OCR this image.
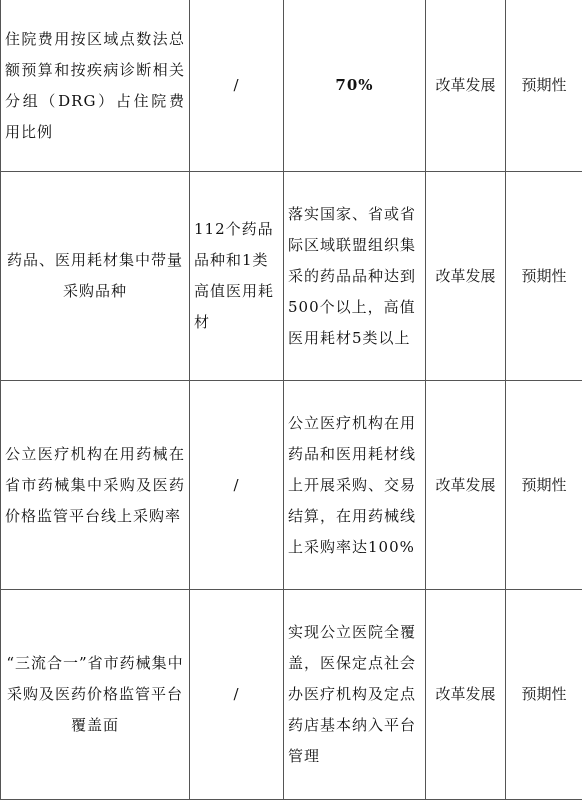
住院费用按区域点数法总额预算和按疾病诊断相关分组（DRG）占住院费用比例	/	70%	改革发展	预期性
药品、医用耗材集中带量采购品种	112个药品品种和1类高值医用耗材	落实国家、省或省际区域联盟组织集采的药品品种达到500个以上，高值医用耗材5类以上	改革发展	预期性
公立医疗机构在用药械在省市药械集中采购及医药价格监管平台线上采购率	/	公立医疗机构在用药品和医用耗材线上开展采购、交易结算，在用药械线上采购率达100%	改革发展	预期性
“三流合一”省市药械集中采购及医药价格监管平台覆盖面	/	实现公立医院全覆盖，医保定点社会办医疗机构及定点药店基本纳入平台管理	改革发展	预期性
